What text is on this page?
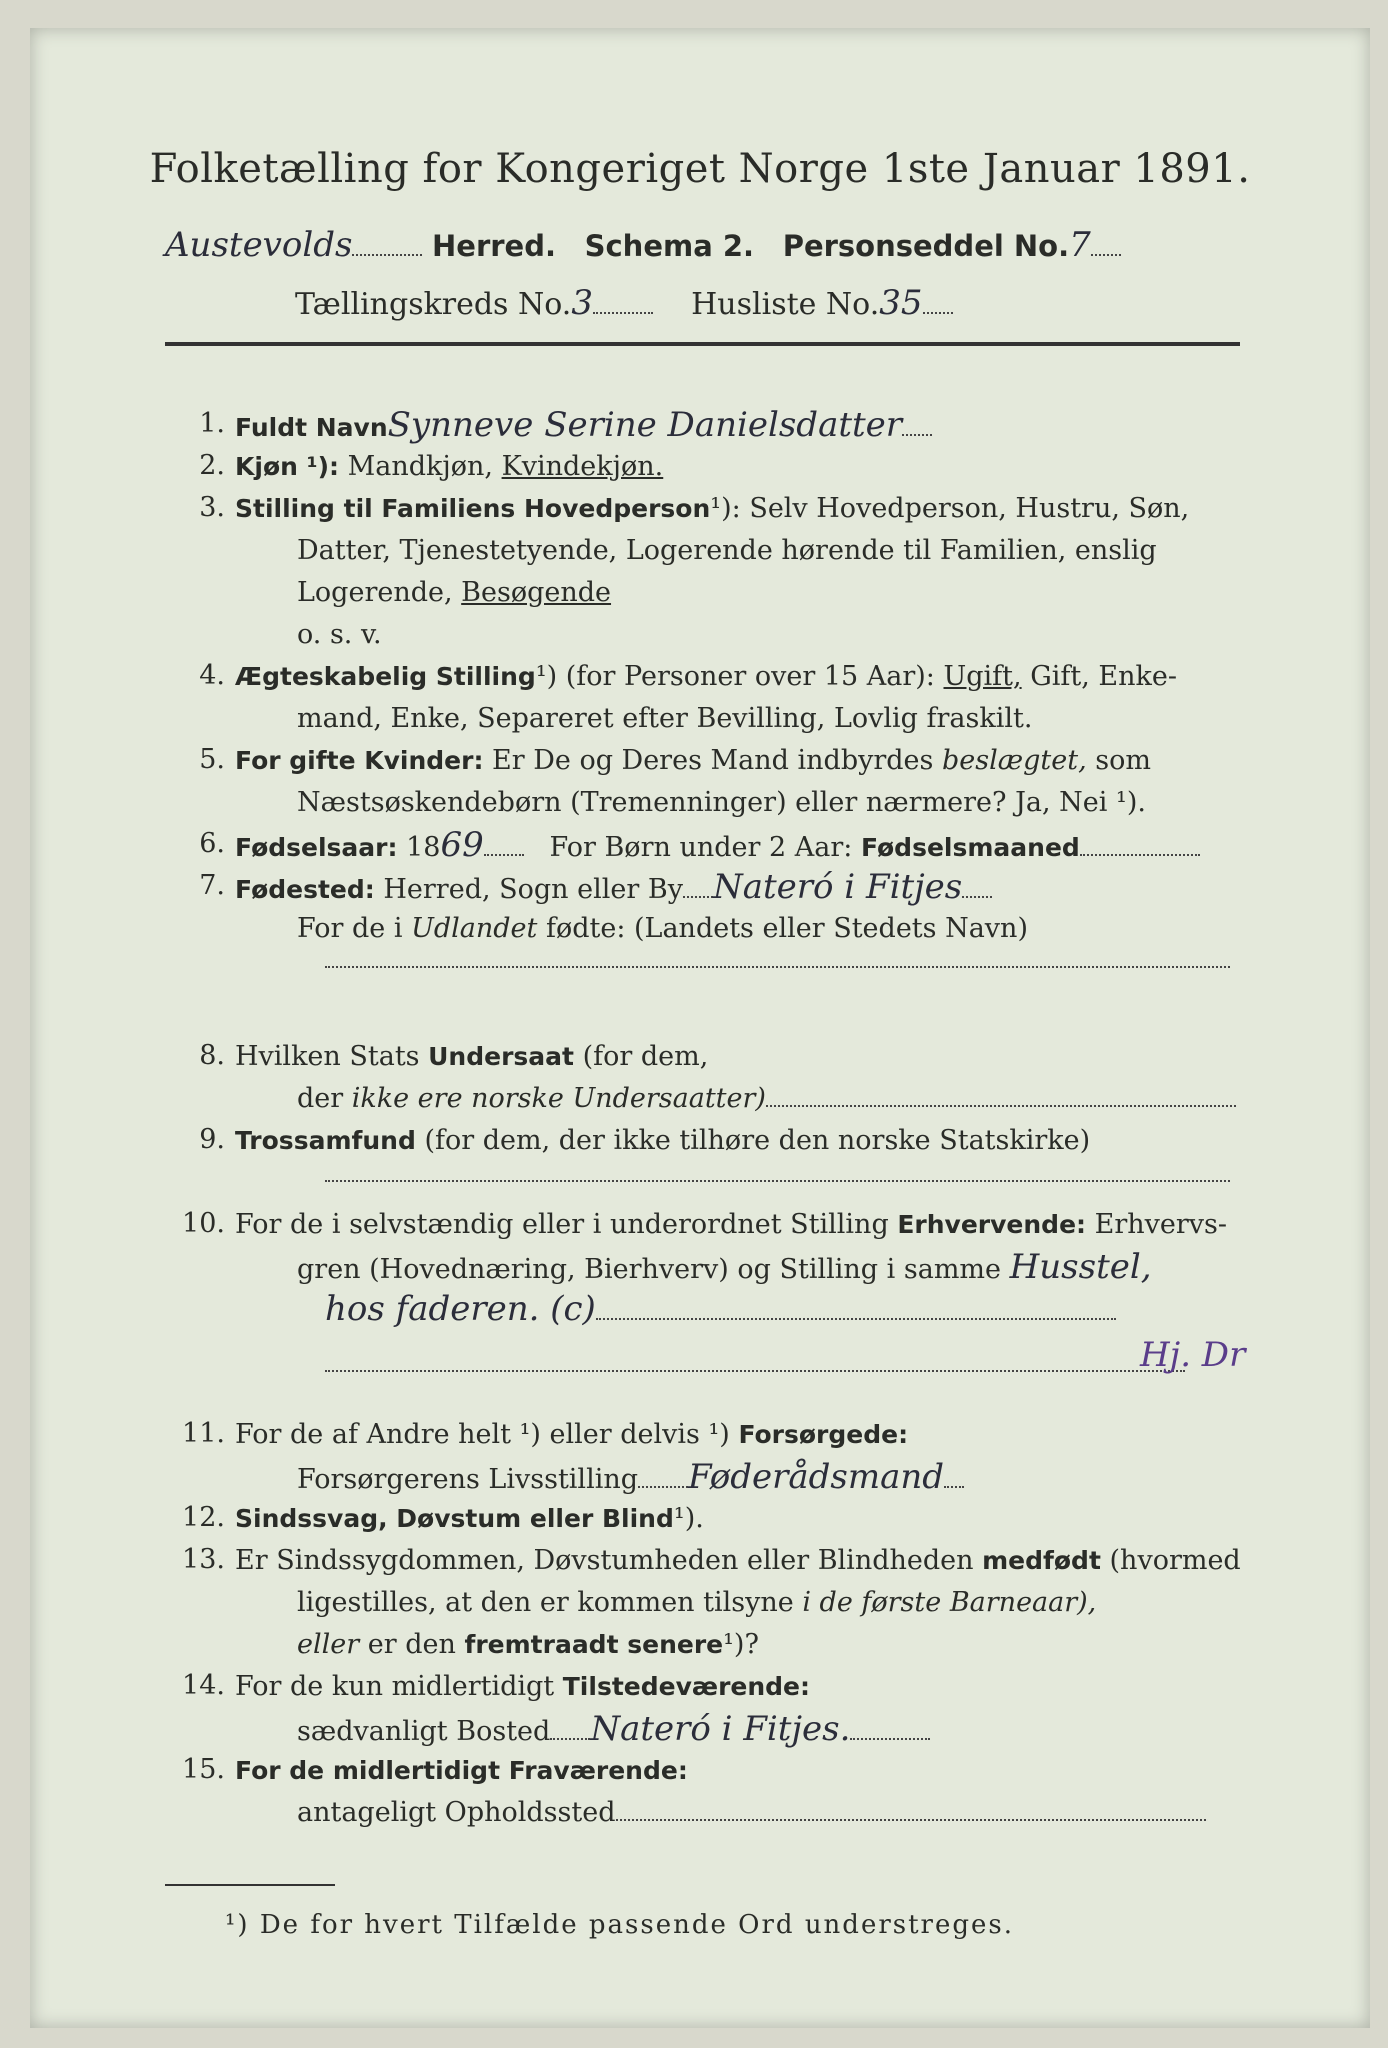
Folketælling for Kongeriget Norge 1ste Januar 1891.
Austevolds	Herred. Schema 2. Personseddel No.7
Tællingskreds No.3	Husliste No.35
1. Fuldt NavnSynneve Serine Danielsdatter
2. Kjøn ¹): Mandkjøn, Kvindekjøn.
3. Stilling til Familiens Hovedperson¹): Selv Hovedperson, Hustru, Søn,
Datter, Tjenestetyende, Logerende hørende til Familien, enslig
Logerende, Besøgende
o. s. v.
4. Ægteskabelig Stilling¹) (for Personer over 15 Aar): Ugift, Gift, Enke-
mand, Enke, Separeret efter Bevilling, Lovlig fraskilt.
5. For gifte Kvinder: Er De og Deres Mand indbyrdes beslægtet, som
Næstsøskendebørn (Tremenninger) eller nærmere? Ja, Nei ¹).
6. Fødselsaar: 1869 For Børn under 2 Aar: Fødselsmaaned
7. Fødested: Herred, Sogn eller By Nateró i Fitjes
For de i Udlandet fødte: (Landets eller Stedets Navn)
8. Hvilken Stats Undersaat (for dem,
der ikke ere norske Undersaatter)
9. Trossamfund (for dem, der ikke tilhøre den norske Statskirke)
10. For de i selvstændig eller i underordnet Stilling Erhvervende: Erhvervs-
gren (Hovednæring, Bierhverv) og Stilling i samme Husstel,
hos faderen. (c)
Hj. Dr
11. For de af Andre helt ¹) eller delvis ¹) Forsørgede:
Forsørgerens Livsstilling Føderådsmand
12. Sindssvag, Døvstum eller Blind¹).
13. Er Sindssygdommen, Døvstumheden eller Blindheden medfødt (hvormed
ligestilles, at den er kommen tilsyne i de første Barneaar),
eller er den fremtraadt senere¹)?
14. For de kun midlertidigt Tilstedeværende:
sædvanligt Bosted Nateró i Fitjes.
15. For de midlertidigt Fraværende:
antageligt Opholdssted
¹) De for hvert Tilfælde passende Ord understreges.
